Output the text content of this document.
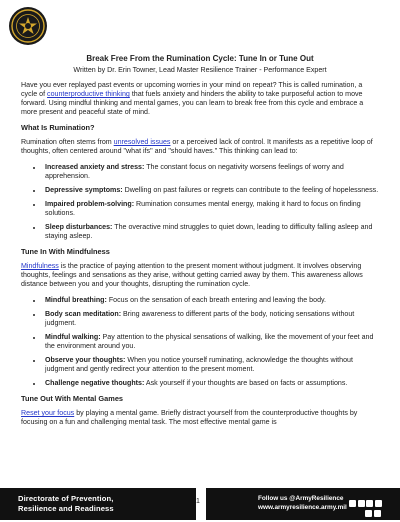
Break Free From the Rumination Cycle: Tune In or Tune Out
Written by Dr. Erin Towner, Lead Master Resilience Trainer - Performance Expert

Have you ever replayed past events or upcoming worries in your mind on repeat? This is called rumination, a cycle of counterproductive thinking that fuels anxiety and hinders the ability to take purposeful action to move forward. Using mindful thinking and mental games, you can learn to break free from this cycle and embrace a more present and peaceful state of mind.

What Is Rumination?

Rumination often stems from unresolved issues or a perceived lack of control. It manifests as a repetitive loop of thoughts, often centered around "what ifs" and "should haves." This thinking can lead to:

• Increased anxiety and stress: The constant focus on negativity worsens feelings of worry and apprehension.
• Depressive symptoms: Dwelling on past failures or regrets can contribute to the feeling of hopelessness.
• Impaired problem-solving: Rumination consumes mental energy, making it hard to focus on finding solutions.
• Sleep disturbances: The overactive mind struggles to quiet down, leading to difficulty falling asleep and staying asleep.
Tune In With Mindfulness

Mindfulness is the practice of paying attention to the present moment without judgment. It involves observing thoughts, feelings and sensations as they arise, without getting carried away by them. This awareness allows distance between you and your thoughts, disrupting the rumination cycle.

• Mindful breathing: Focus on the sensation of each breath entering and leaving the body.
• Body scan meditation: Bring awareness to different parts of the body, noticing sensations without judgment.
• Mindful walking: Pay attention to the physical sensations of walking, like the movement of your feet and the environment around you.
• Observe your thoughts: When you notice yourself ruminating, acknowledge the thoughts without judgment and gently redirect your attention to the present moment.
• Challenge negative thoughts: Ask yourself if your thoughts are based on facts or assumptions.
Tune Out With Mental Games

Reset your focus by playing a mental game. Briefly distract yourself from the counterproductive thoughts by focusing on a fun and challenging mental task. The most effective mental game is

Directorate of Prevention,
Resilience and Readiness
Follow us @ArmyResilience
www.armyresilience.army.mil
1
